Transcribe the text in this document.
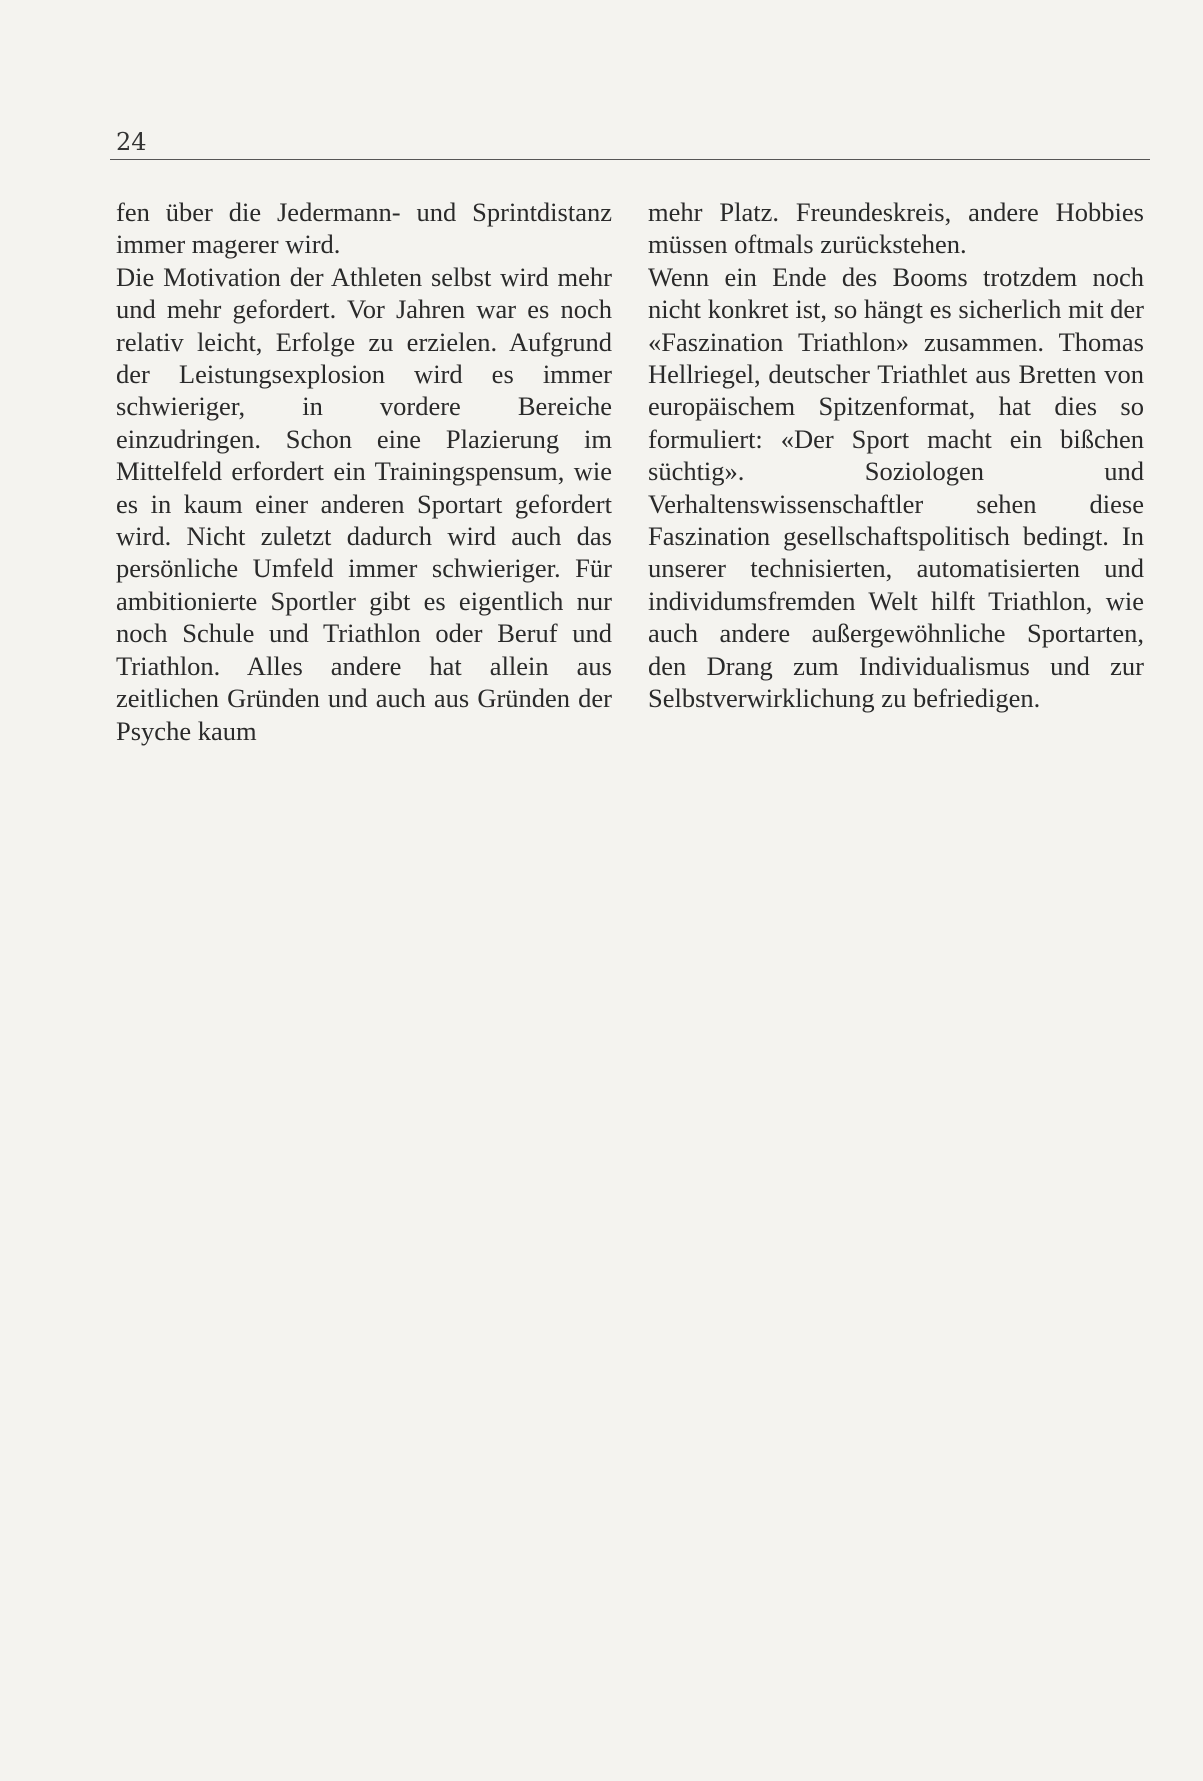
24

fen über die Jedermann- und Sprintdistanz immer magerer wird.

Die Motivation der Athleten selbst wird mehr und mehr gefordert. Vor Jahren war es noch relativ leicht, Erfolge zu erzielen. Aufgrund der Leistungsexplosion wird es immer schwieriger, in vordere Bereiche einzudringen. Schon eine Plazierung im Mittelfeld erfordert ein Trainingspensum, wie es in kaum einer anderen Sportart gefordert wird. Nicht zuletzt dadurch wird auch das persönliche Umfeld immer schwieriger. Für ambitionierte Sportler gibt es eigentlich nur noch Schule und Triathlon oder Beruf und Triathlon. Alles andere hat allein aus zeitlichen Gründen und auch aus Gründen der Psyche kaum

mehr Platz. Freundeskreis, andere Hobbies müssen oftmals zurückstehen.

Wenn ein Ende des Booms trotzdem noch nicht konkret ist, so hängt es sicherlich mit der «Faszination Triathlon» zusammen. Thomas Hellriegel, deutscher Triathlet aus Bretten von europäischem Spitzenformat, hat dies so formuliert: «Der Sport macht ein bißchen süchtig». Soziologen und Verhaltenswissenschaftler sehen diese Faszination gesellschaftspolitisch bedingt. In unserer technisierten, automatisierten und individumsfremden Welt hilft Triathlon, wie auch andere außergewöhnliche Sportarten, den Drang zum Individualismus und zur Selbstverwirklichung zu befriedigen.
